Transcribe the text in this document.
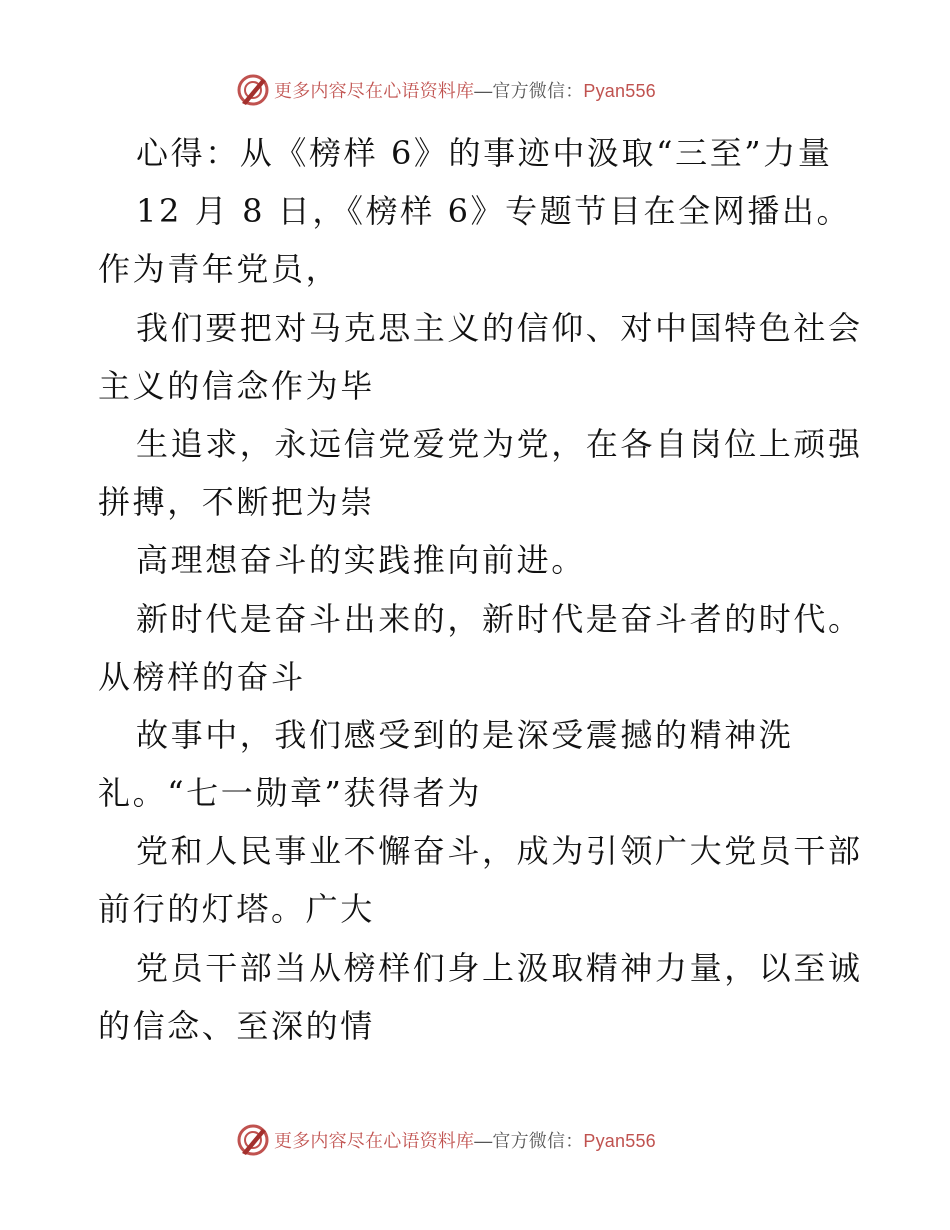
更多内容尽在心语资料库—官方微信：Pyan556
心得：从《榜样 6》的事迹中汲取“三至”力量
12 月 8 日，《榜样 6》专题节目在全网播出。
作为青年党员，
我们要把对马克思主义的信仰、对中国特色社会
主义的信念作为毕
生追求，永远信党爱党为党，在各自岗位上顽强
拼搏，不断把为崇
高理想奋斗的实践推向前进。
新时代是奋斗出来的，新时代是奋斗者的时代。
从榜样的奋斗
故事中，我们感受到的是深受震撼的精神洗
礼。“七一勋章”获得者为
党和人民事业不懈奋斗，成为引领广大党员干部
前行的灯塔。广大
党员干部当从榜样们身上汲取精神力量，以至诚
的信念、至深的情
更多内容尽在心语资料库—官方微信：Pyan556
